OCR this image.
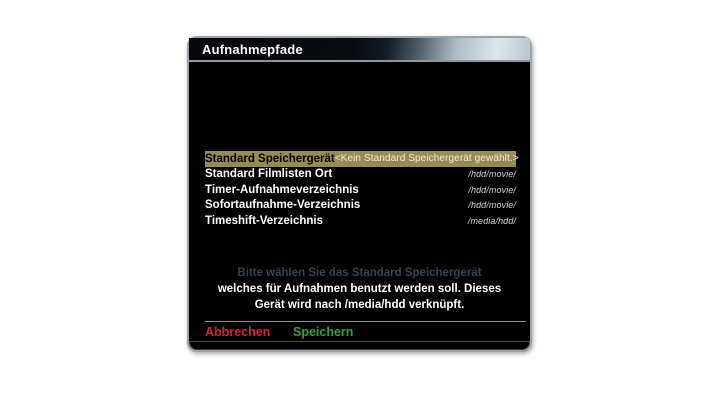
Aufnahmepfade
Standard Speichergerät <Kein Standard Speichergerät gewählt.>
Standard Filmlisten Ort	/hdd/movie/
Timer-Aufnahmeverzeichnis	/hdd/movie/
Sofortaufnahme-Verzeichnis	/hdd/movie/
Timeshift-Verzeichnis	/media/hdd/
Bitte wählen Sie das Standard Speichergerät
welches für Aufnahmen benutzt werden soll. Dieses
Gerät wird nach /media/hdd verknüpft.
Abbrechen Speichern
